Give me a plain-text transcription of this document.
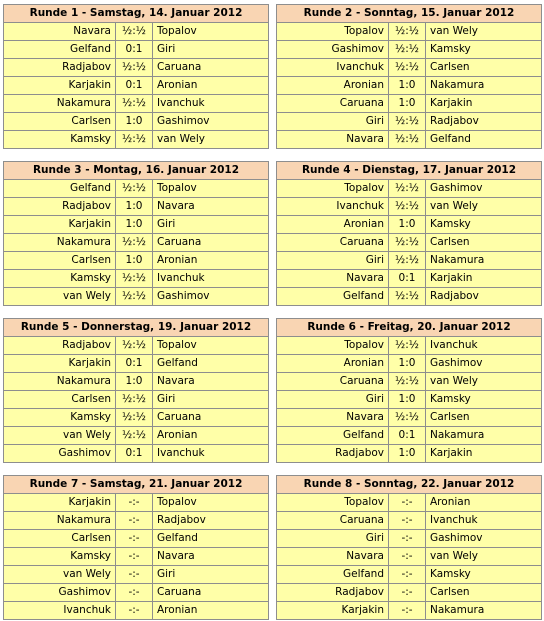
Runde 1 - Samstag, 14. Januar 2012
Navara	½:½	Topalov
Gelfand	0:1	Giri
Radjabov	½:½	Caruana
Karjakin	0:1	Aronian
Nakamura	½:½	Ivanchuk
Carlsen	1:0	Gashimov
Kamsky	½:½	van Wely
Runde 2 - Sonntag, 15. Januar 2012
Topalov	½:½	van Wely
Gashimov	½:½	Kamsky
Ivanchuk	½:½	Carlsen
Aronian	1:0	Nakamura
Caruana	1:0	Karjakin
Giri	½:½	Radjabov
Navara	½:½	Gelfand
Runde 3 - Montag, 16. Januar 2012
Gelfand	½:½	Topalov
Radjabov	1:0	Navara
Karjakin	1:0	Giri
Nakamura	½:½	Caruana
Carlsen	1:0	Aronian
Kamsky	½:½	Ivanchuk
van Wely	½:½	Gashimov
Runde 4 - Dienstag, 17. Januar 2012
Topalov	½:½	Gashimov
Ivanchuk	½:½	van Wely
Aronian	1:0	Kamsky
Caruana	½:½	Carlsen
Giri	½:½	Nakamura
Navara	0:1	Karjakin
Gelfand	½:½	Radjabov
Runde 5 - Donnerstag, 19. Januar 2012
Radjabov	½:½	Topalov
Karjakin	0:1	Gelfand
Nakamura	1:0	Navara
Carlsen	½:½	Giri
Kamsky	½:½	Caruana
van Wely	½:½	Aronian
Gashimov	0:1	Ivanchuk
Runde 6 - Freitag, 20. Januar 2012
Topalov	½:½	Ivanchuk
Aronian	1:0	Gashimov
Caruana	½:½	van Wely
Giri	1:0	Kamsky
Navara	½:½	Carlsen
Gelfand	0:1	Nakamura
Radjabov	1:0	Karjakin
Runde 7 - Samstag, 21. Januar 2012
Karjakin	-:-	Topalov
Nakamura	-:-	Radjabov
Carlsen	-:-	Gelfand
Kamsky	-:-	Navara
van Wely	-:-	Giri
Gashimov	-:-	Caruana
Ivanchuk	-:-	Aronian
Runde 8 - Sonntag, 22. Januar 2012
Topalov	-:-	Aronian
Caruana	-:-	Ivanchuk
Giri	-:-	Gashimov
Navara	-:-	van Wely
Gelfand	-:-	Kamsky
Radjabov	-:-	Carlsen
Karjakin	-:-	Nakamura
